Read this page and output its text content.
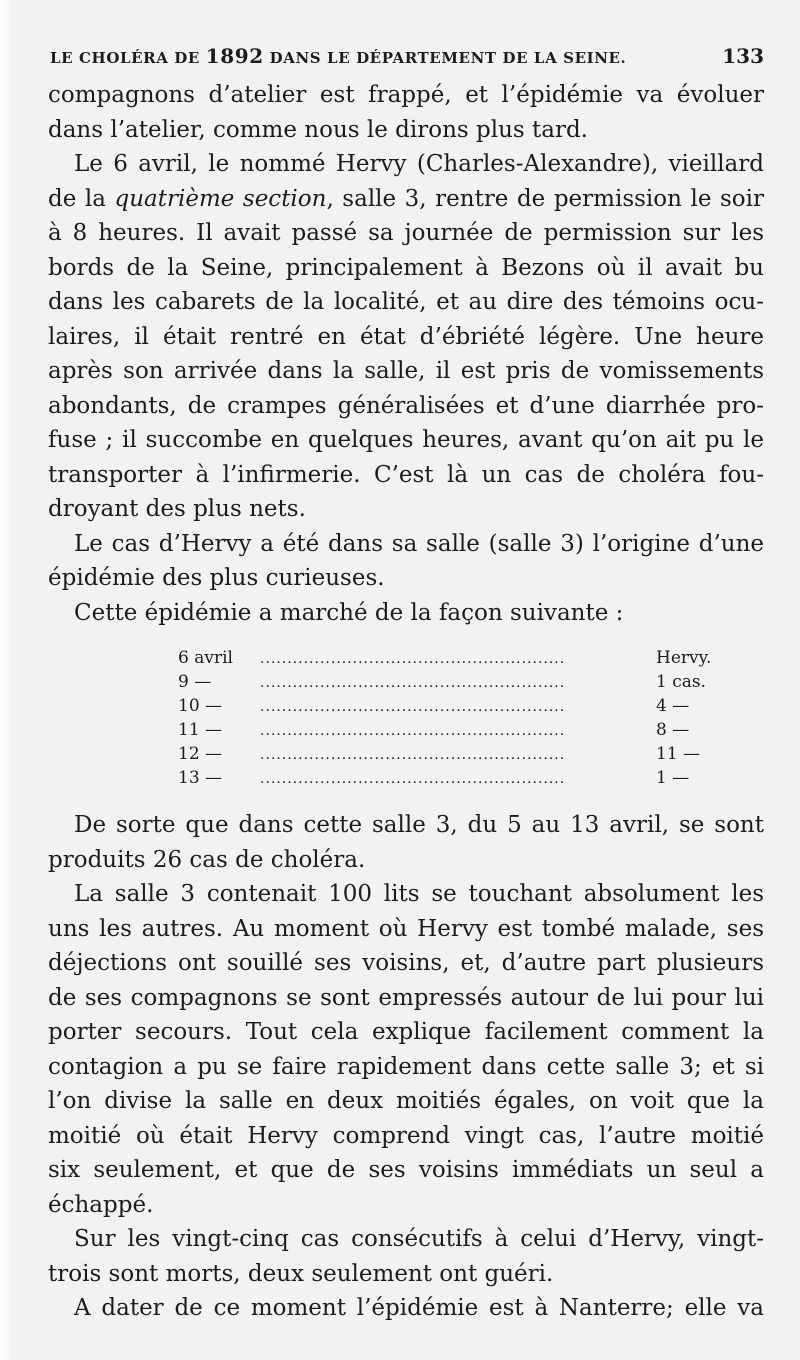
LE CHOLÉRA DE 1892 DANS LE DÉPARTEMENT DE LA SEINE.	133
compagnons d’atelier est frappé, et l’épidémie va évoluer
dans l’atelier, comme nous le dirons plus tard.
Le 6 avril, le nommé Hervy (Charles-Alexandre), vieillard
de la quatrième section, salle 3, rentre de permission le soir
à 8 heures. Il avait passé sa journée de permission sur les
bords de la Seine, principalement à Bezons où il avait bu
dans les cabarets de la localité, et au dire des témoins ocu-
laires, il était rentré en état d’ébriété légère. Une heure
après son arrivée dans la salle, il est pris de vomissements
abondants, de crampes généralisées et d’une diarrhée pro-
fuse ; il succombe en quelques heures, avant qu’on ait pu le
transporter à l’infirmerie. C’est là un cas de choléra fou-
droyant des plus nets.
Le cas d’Hervy a été dans sa salle (salle 3) l’origine d’une
épidémie des plus curieuses.
Cette épidémie a marché de la façon suivante :
6 avril	........................................................	Hervy.
9 —	........................................................	1 cas.
10 —	........................................................	4 —
11 —	........................................................	8 —
12 —	........................................................	11 —
13 —	........................................................	1 —
De sorte que dans cette salle 3, du 5 au 13 avril, se sont
produits 26 cas de choléra.
La salle 3 contenait 100 lits se touchant absolument les
uns les autres. Au moment où Hervy est tombé malade, ses
déjections ont souillé ses voisins, et, d’autre part plusieurs
de ses compagnons se sont empressés autour de lui pour lui
porter secours. Tout cela explique facilement comment la
contagion a pu se faire rapidement dans cette salle 3; et si
l’on divise la salle en deux moitiés égales, on voit que la
moitié où était Hervy comprend vingt cas, l’autre moitié
six seulement, et que de ses voisins immédiats un seul a
échappé.
Sur les vingt-cinq cas consécutifs à celui d’Hervy, vingt-
trois sont morts, deux seulement ont guéri.
A dater de ce moment l’épidémie est à Nanterre; elle va
